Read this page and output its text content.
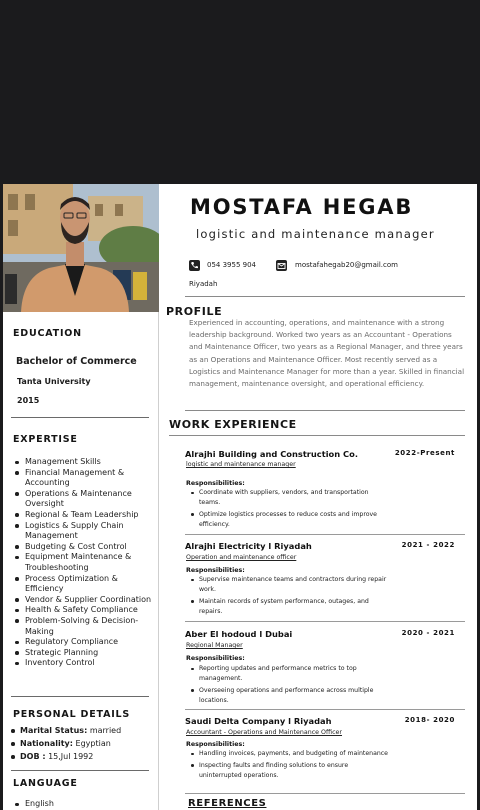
EDUCATION
Bachelor of Commerce
Tanta University
2015
EXPERTISE
Management Skills
Financial Management & Accounting
Operations & Maintenance Oversight
Regional & Team Leadership
Logistics & Supply Chain Management
Budgeting & Cost Control
Equipment Maintenance & Troubleshooting
Process Optimization & Efficiency
Vendor & Supplier Coordination
Health & Safety Compliance
Problem-Solving & Decision-Making
Regulatory Compliance
Strategic Planning
Inventory Control
PERSONAL DETAILS
Marital Status: married
Nationality: Egyptian
DOB : 15,Jul 1992
LANGUAGE
English
MOSTAFA HEGAB
logistic and maintenance manager
054 3955 904	mostafahegab20@gmail.com
Riyadah
PROFILE
Experienced in accounting, operations, and maintenance with a strong leadership background. Worked two years as an Accountant - Operations and Maintenance Officer, two years as a Regional Manager, and three years as an Operations and Maintenance Officer. Most recently served as a Logistics and Maintenance Manager for more than a year. Skilled in financial management, maintenance oversight, and operational efficiency.
WORK EXPERIENCE
Alrajhi Building and Construction Co.	2022-Present
logistic and maintenance manager
Responsibilities:
Coordinate with suppliers, vendors, and transportation teams.
Optimize logistics processes to reduce costs and improve efficiency.
Alrajhi Electricity l Riyadah	2021 - 2022
Operation and maintenance officer
Responsibilities:
Supervise maintenance teams and contractors during repair work.
Maintain records of system performance, outages, and repairs.
Aber El hodoud l Dubai	2020 - 2021
Regional Manager
Responsibilities:
Reporting updates and performance metrics to top management.
Overseeing operations and performance across multiple locations.
Saudi Delta Company l Riyadah	2018- 2020
Accountant - Operations and Maintenance Officer
Responsibilities:
Handling invoices, payments, and budgeting of maintenance
Inspecting faults and finding solutions to ensure uninterrupted operations.
REFERENCES
